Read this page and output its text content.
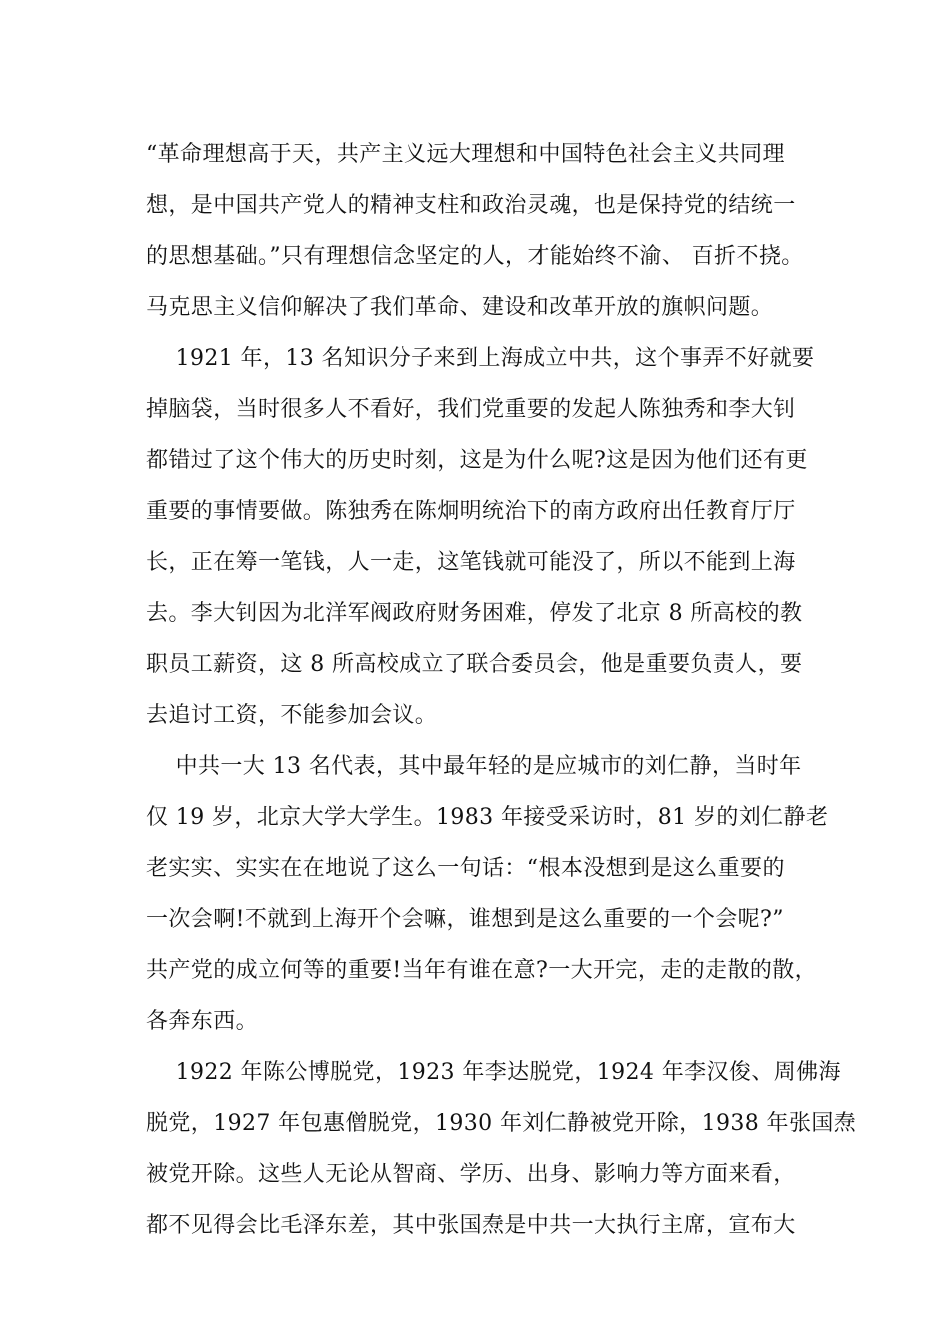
“革命理想高于天，共产主义远大理想和中国特色社会主义共同理
想，是中国共产党人的精神支柱和政治灵魂，也是保持党的结统一
的思想基础。”只有理想信念坚定的人，才能始终不渝、 百折不挠。
马克思主义信仰解决了我们革命、建设和改革开放的旗帜问题。
1921 年，13 名知识分子来到上海成立中共，这个事弄不好就要
掉脑袋，当时很多人不看好，我们党重要的发起人陈独秀和李大钊
都错过了这个伟大的历史时刻，这是为什么呢?这是因为他们还有更
重要的事情要做。陈独秀在陈炯明统治下的南方政府出任教育厅厅
长，正在筹一笔钱，人一走，这笔钱就可能没了，所以不能到上海
去。李大钊因为北洋军阀政府财务困难，停发了北京 8 所高校的教
职员工薪资，这 8 所高校成立了联合委员会，他是重要负责人，要
去追讨工资，不能参加会议。
中共一大 13 名代表，其中最年轻的是应城市的刘仁静，当时年
仅 19 岁，北京大学大学生。1983 年接受采访时，81 岁的刘仁静老
老实实、实实在在地说了这么一句话：“根本没想到是这么重要的
一次会啊!不就到上海开个会嘛，谁想到是这么重要的一个会呢?”
共产党的成立何等的重要!当年有谁在意?一大开完，走的走散的散，
各奔东西。
1922 年陈公博脱党，1923 年李达脱党，1924 年李汉俊、周佛海
脱党，1927 年包惠僧脱党，1930 年刘仁静被党开除，1938 年张国焘
被党开除。这些人无论从智商、学历、出身、影响力等方面来看，
都不见得会比毛泽东差，其中张国焘是中共一大执行主席，宣布大
